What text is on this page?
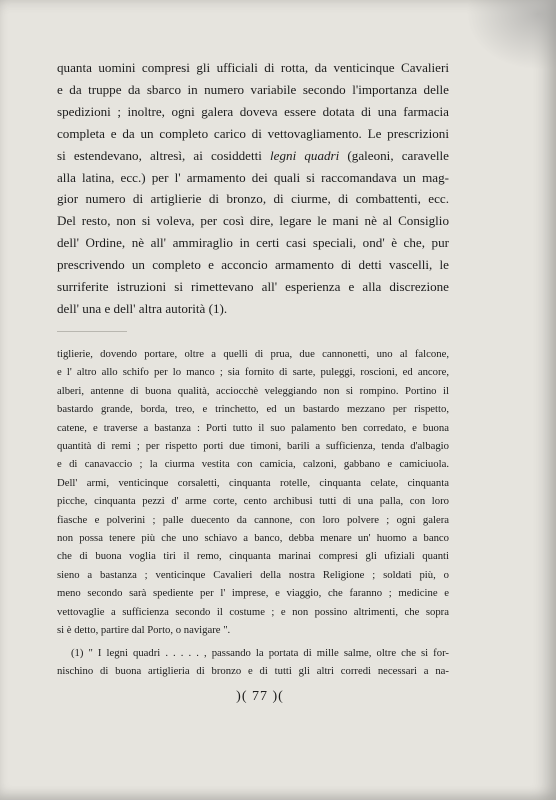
quanta uomini compresi gli ufficiali di rotta, da venticinque Cavalieri
e da truppe da sbarco in numero variabile secondo l'importanza delle
spedizioni ; inoltre, ogni galera doveva essere dotata di una farmacia
completa e da un completo carico di vettovagliamento. Le prescrizioni
si estendevano, altresì, ai cosiddetti legni quadri (galeoni, caravelle
alla latina, ecc.) per l' armamento dei quali si raccomandava un mag-
gior numero di artiglierie di bronzo, di ciurme, di combattenti, ecc.
Del resto, non si voleva, per così dire, legare le mani nè al Consiglio
dell' Ordine, nè all' ammiraglio in certi casi speciali, ond' è che, pur
prescrivendo un completo e acconcio armamento di detti vascelli, le
surriferite istruzioni si rimettevano all' esperienza e alla discrezione
dell' una e dell' altra autorità (1).
tiglierie, dovendo portare, oltre a quelli di prua, due cannonetti, uno al falcone,
e l' altro allo schifo per lo manco ; sia fornito di sarte, puleggi, roscioni, ed ancore,
alberi, antenne di buona qualità, acciocchè veleggiando non si rompino. Portino il
bastardo grande, borda, treo, e trinchetto, ed un bastardo mezzano per rispetto,
catene, e traverse a bastanza : Porti tutto il suo palamento ben corredato, e buona
quantità di remi ; per rispetto porti due timoni, barili a sufficienza, tenda d'albagio
e di canavaccio ; la ciurma vestita con camicia, calzoni, gabbano e camiciuola.
Dell' armi, venticinque corsaletti, cinquanta rotelle, cinquanta celate, cinquanta
picche, cinquanta pezzi d' arme corte, cento archibusi tutti di una palla, con loro
fiasche e polverini ; palle duecento da cannone, con loro polvere ; ogni galera
non possa tenere più che uno schiavo a banco, debba menare un' huomo a banco
che di buona voglia tiri il remo, cinquanta marinai compresi gli ufiziali quanti
sieno a bastanza ; venticinque Cavalieri della nostra Religione ; soldati più, o
meno secondo sarà spediente per l' imprese, e viaggio, che faranno ; medicine e
vettovaglie a sufficienza secondo il costume ; e non possino altrimenti, che sopra
si è detto, partire dal Porto, o navigare ".
(1) " I legni quadri . . . . . , passando la portata di mille salme, oltre che si for-
nischino di buona artiglieria di bronzo e di tutti gli altri corredi necessari a na-
)( 77 )(
